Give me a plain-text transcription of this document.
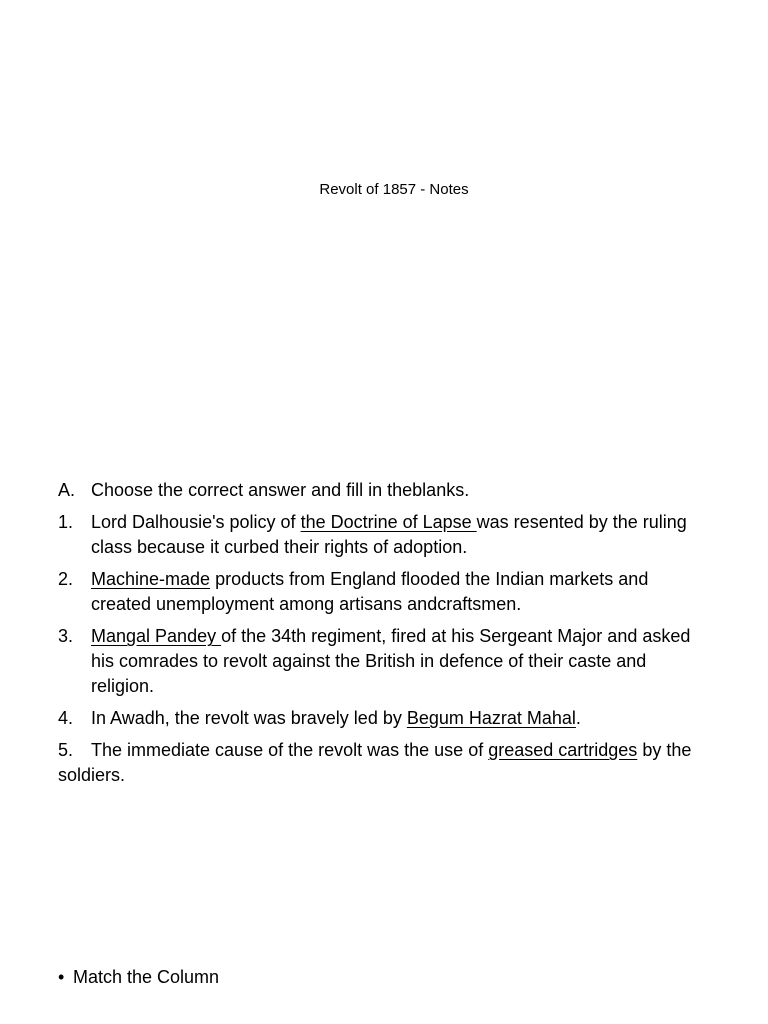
Revolt of 1857 - Notes
A. Choose the correct answer and fill in theblanks.
1. Lord Dalhousie's policy of the Doctrine of Lapse was resented by the ruling class because it curbed their rights of adoption.
2. Machine-made products from England flooded the Indian markets and created unemployment among artisans andcraftsmen.
3. Mangal Pandey of the 34th regiment, fired at his Sergeant Major and asked his comrades to revolt against the British in defence of their caste and religion.
4. In Awadh, the revolt was bravely led by Begum Hazrat Mahal.
5. The immediate cause of the revolt was the use of greased cartridges by the soldiers.
• Match the Column
